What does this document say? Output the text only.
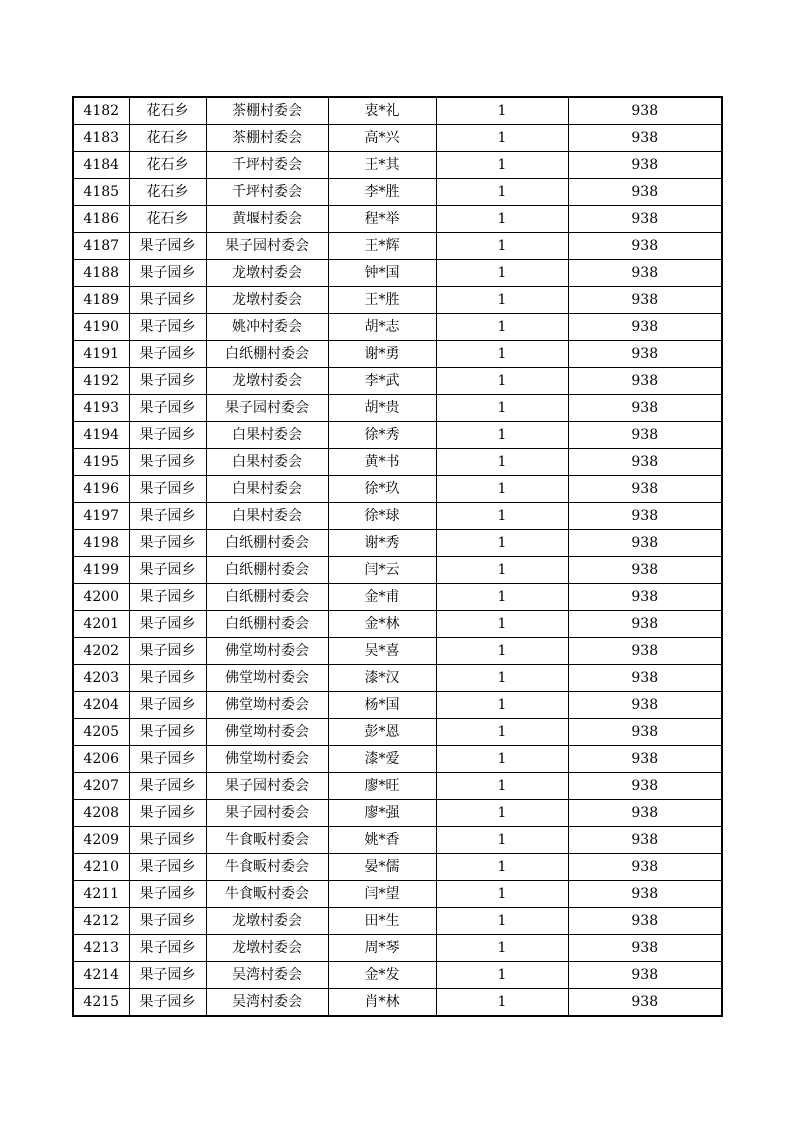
4182	花石乡	茶棚村委会	衷*礼	1	938
4183	花石乡	茶棚村委会	高*兴	1	938
4184	花石乡	千坪村委会	王*其	1	938
4185	花石乡	千坪村委会	李*胜	1	938
4186	花石乡	黄堰村委会	程*举	1	938
4187	果子园乡	果子园村委会	王*辉	1	938
4188	果子园乡	龙墩村委会	钟*国	1	938
4189	果子园乡	龙墩村委会	王*胜	1	938
4190	果子园乡	姚冲村委会	胡*志	1	938
4191	果子园乡	白纸棚村委会	谢*勇	1	938
4192	果子园乡	龙墩村委会	李*武	1	938
4193	果子园乡	果子园村委会	胡*贵	1	938
4194	果子园乡	白果村委会	徐*秀	1	938
4195	果子园乡	白果村委会	黄*书	1	938
4196	果子园乡	白果村委会	徐*玖	1	938
4197	果子园乡	白果村委会	徐*球	1	938
4198	果子园乡	白纸棚村委会	谢*秀	1	938
4199	果子园乡	白纸棚村委会	闫*云	1	938
4200	果子园乡	白纸棚村委会	金*甫	1	938
4201	果子园乡	白纸棚村委会	金*林	1	938
4202	果子园乡	佛堂坳村委会	吴*喜	1	938
4203	果子园乡	佛堂坳村委会	漆*汉	1	938
4204	果子园乡	佛堂坳村委会	杨*国	1	938
4205	果子园乡	佛堂坳村委会	彭*恩	1	938
4206	果子园乡	佛堂坳村委会	漆*爱	1	938
4207	果子园乡	果子园村委会	廖*旺	1	938
4208	果子园乡	果子园村委会	廖*强	1	938
4209	果子园乡	牛食畈村委会	姚*香	1	938
4210	果子园乡	牛食畈村委会	晏*儒	1	938
4211	果子园乡	牛食畈村委会	闫*望	1	938
4212	果子园乡	龙墩村委会	田*生	1	938
4213	果子园乡	龙墩村委会	周*琴	1	938
4214	果子园乡	吴湾村委会	金*发	1	938
4215	果子园乡	吴湾村委会	肖*林	1	938
